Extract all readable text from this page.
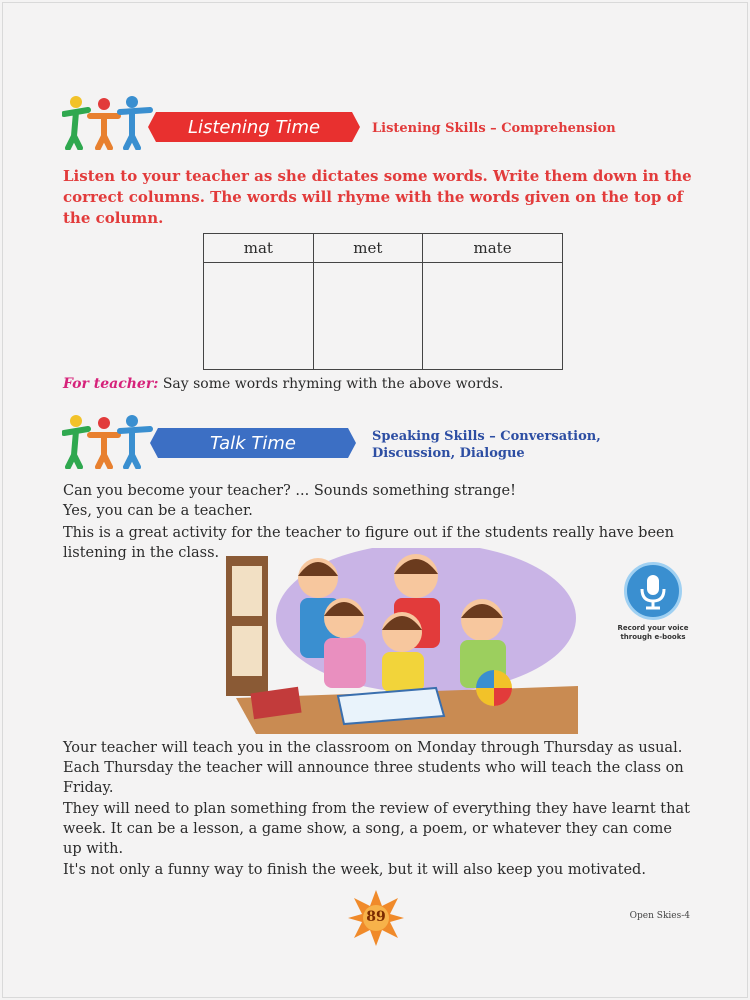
Listening Time	Listening Skills – Comprehension
Listen to your teacher as she dictates some words. Write them down in the correct columns. The words will rhyme with the words given on the top of the column.
mat	met	mate

For teacher: Say some words rhyming with the above words.
Talk Time	Speaking Skills – Conversation,
Discussion, Dialogue

Can you become your teacher? ... Sounds something strange!

Yes, you can be a teacher.

This is a great activity for the teacher to figure out if the students really have been listening in the class.

Record your voice
through e-books

Your teacher will teach you in the classroom on Monday through Thursday as usual. Each Thursday the teacher will announce three students who will teach the class on Friday.

They will need to plan something from the review of everything they have learnt that week. It can be a lesson, a game show, a song, a poem, or whatever they can come up with.

It's not only a funny way to finish the week, but it will also keep you motivated.

89	Open Skies-4
